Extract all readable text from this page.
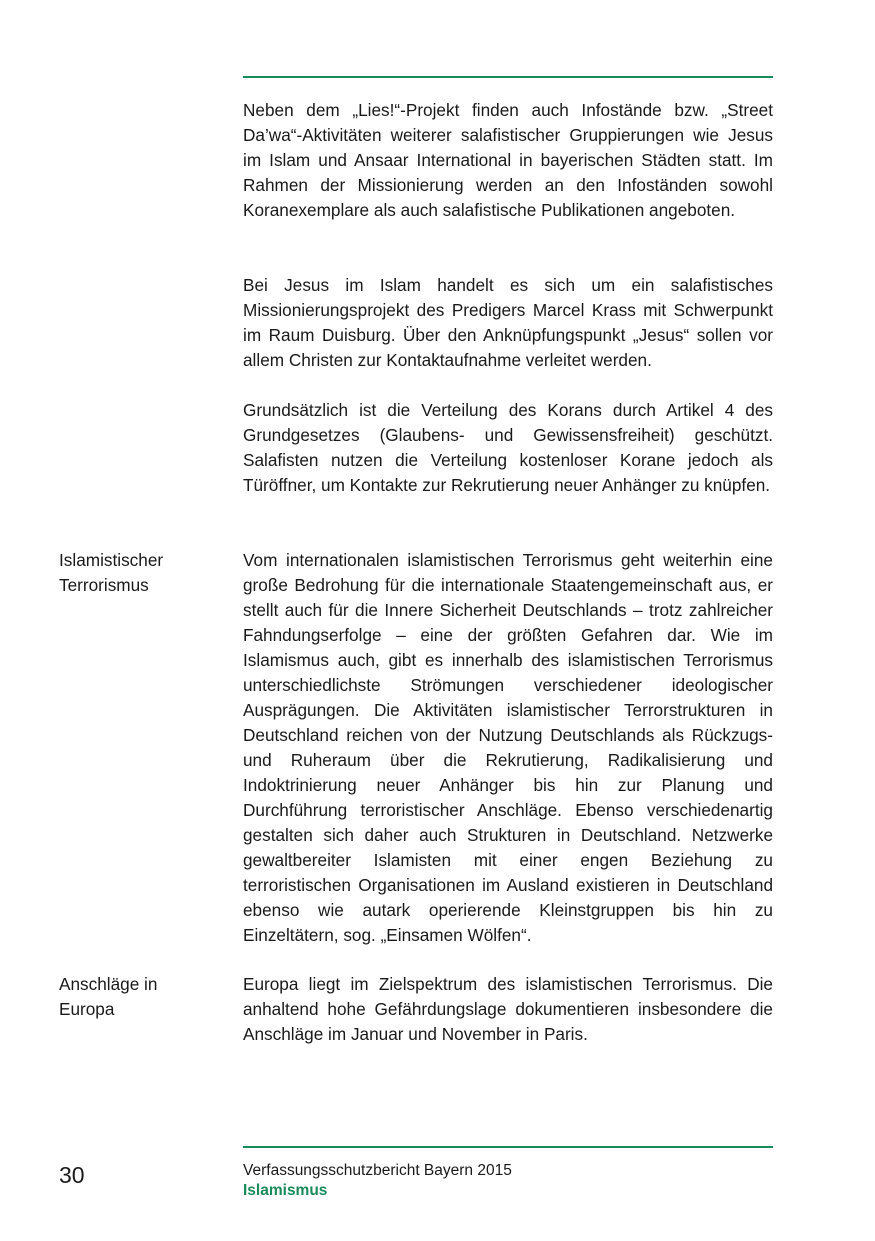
Neben dem „Lies!“-Projekt finden auch Infostände bzw. „Street Da’wa“-Aktivitäten weiterer salafistischer Gruppierungen wie Jesus im Islam und Ansaar International in bayerischen Städten statt. Im Rahmen der Missionierung werden an den Infoständen sowohl Koranexemplare als auch salafistische Publikationen angeboten.

Bei Jesus im Islam handelt es sich um ein salafistisches Missionierungsprojekt des Predigers Marcel Krass mit Schwerpunkt im Raum Duisburg. Über den Anknüpfungspunkt „Jesus“ sollen vor allem Christen zur Kontaktaufnahme verleitet werden.

Grundsätzlich ist die Verteilung des Korans durch Artikel 4 des Grundgesetzes (Glaubens- und Gewissensfreiheit) geschützt. Salafisten nutzen die Verteilung kostenloser Korane jedoch als Türöffner, um Kontakte zur Rekrutierung neuer Anhänger zu knüpfen.

Islamistischer
Terrorismus

Vom internationalen islamistischen Terrorismus geht weiterhin eine große Bedrohung für die internationale Staatengemeinschaft aus, er stellt auch für die Innere Sicherheit Deutschlands – trotz zahlreicher Fahndungserfolge – eine der größten Gefahren dar. Wie im Islamismus auch, gibt es innerhalb des islamistischen Terrorismus unterschiedlichste Strömungen verschiedener ideologischer Ausprägungen. Die Aktivitäten islamistischer Terrorstrukturen in Deutschland reichen von der Nutzung Deutschlands als Rückzugs- und Ruheraum über die Rekrutierung, Radikalisierung und Indoktrinierung neuer Anhänger bis hin zur Planung und Durchführung terroristischer Anschläge. Ebenso verschiedenartig gestalten sich daher auch Strukturen in Deutschland. Netzwerke gewaltbereiter Islamisten mit einer engen Beziehung zu terroristischen Organisationen im Ausland existieren in Deutschland ebenso wie autark operierende Kleinstgruppen bis hin zu Einzeltätern, sog. „Einsamen Wölfen“.

Anschläge in
Europa

Europa liegt im Zielspektrum des islamistischen Terrorismus. Die anhaltend hohe Gefährdungslage dokumentieren insbesondere die Anschläge im Januar und November in Paris.

30	Verfassungsschutzbericht Bayern 2015
Islamismus
